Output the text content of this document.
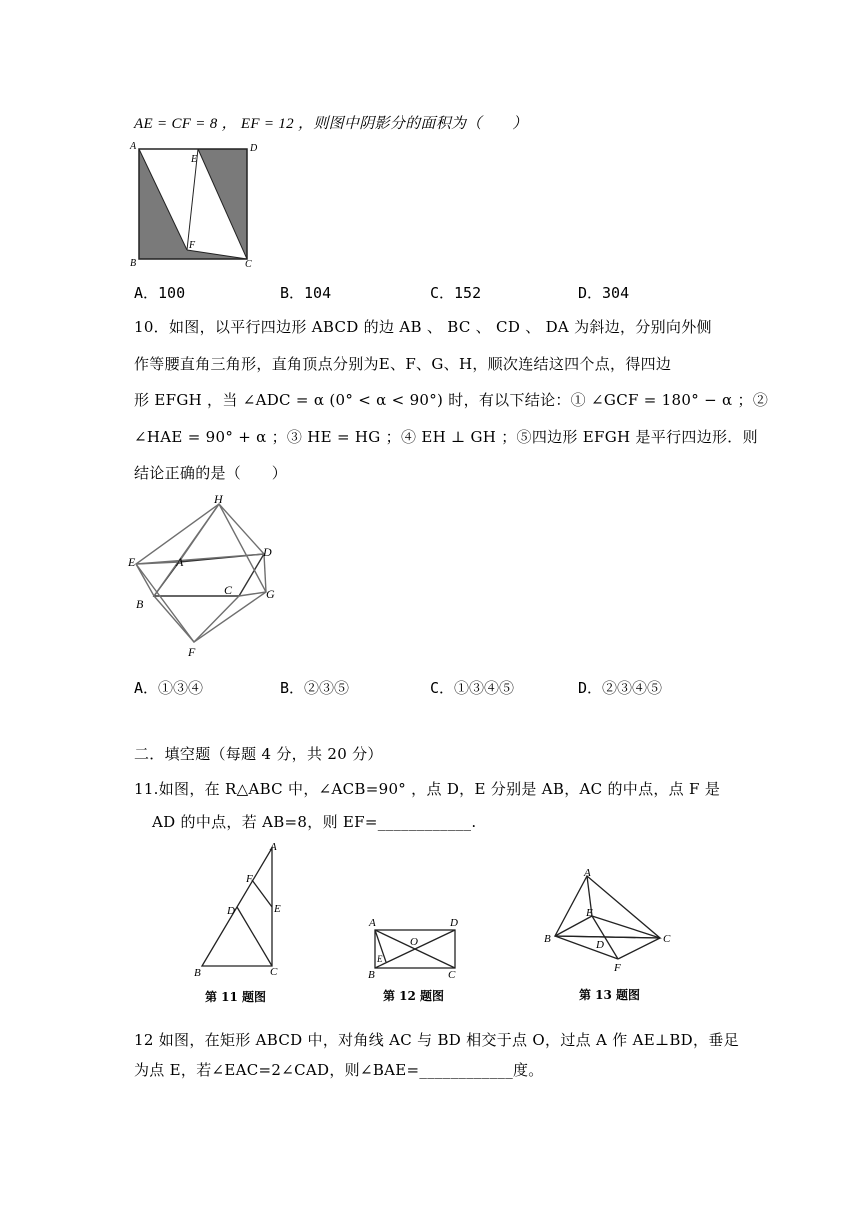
AE = CF = 8 ， EF = 12 ，则图中阴影分的面积为（　　）
A	D
E
F
B	C
A．100	B．104	C．152	D．304
10．如图，以平行四边形 ABCD 的边 AB 、 BC 、 CD 、 DA 为斜边，分别向外侧
作等腰直角三角形，直角顶点分别为E、F、G、H，顺次连结这四个点，得四边
形 EFGH ，当 ∠ADC = α (0° < α < 90°) 时，有以下结论：① ∠GCF = 180° − α ；②
∠HAE = 90° + α ；③ HE = HG ；④ EH ⊥ GH ；⑤四边形 EFGH 是平行四边形．则
结论正确的是（　　）
H
E	A
D
B
C	G
F
A．①③④	B．②③⑤	C．①③④⑤	D．②③④⑤
二．填空题（每题 4 分，共 20 分）
11.如图，在 R△ABC 中，∠ACB=90° ，点 D，E 分别是 AB，AC 的中点，点 F 是
AD 的中点，若 AB=8，则 EF=____________.
A
F
D	E
B	C
第 11 题图
A	D
O
E
B	C
第 12 题图
A
E
B	D	C
F
第 13 题图
12 如图，在矩形 ABCD 中，对角线 AC 与 BD 相交于点 O，过点 A 作 AE⊥BD，垂足
为点 E，若∠EAC=2∠CAD，则∠BAE=____________度。
